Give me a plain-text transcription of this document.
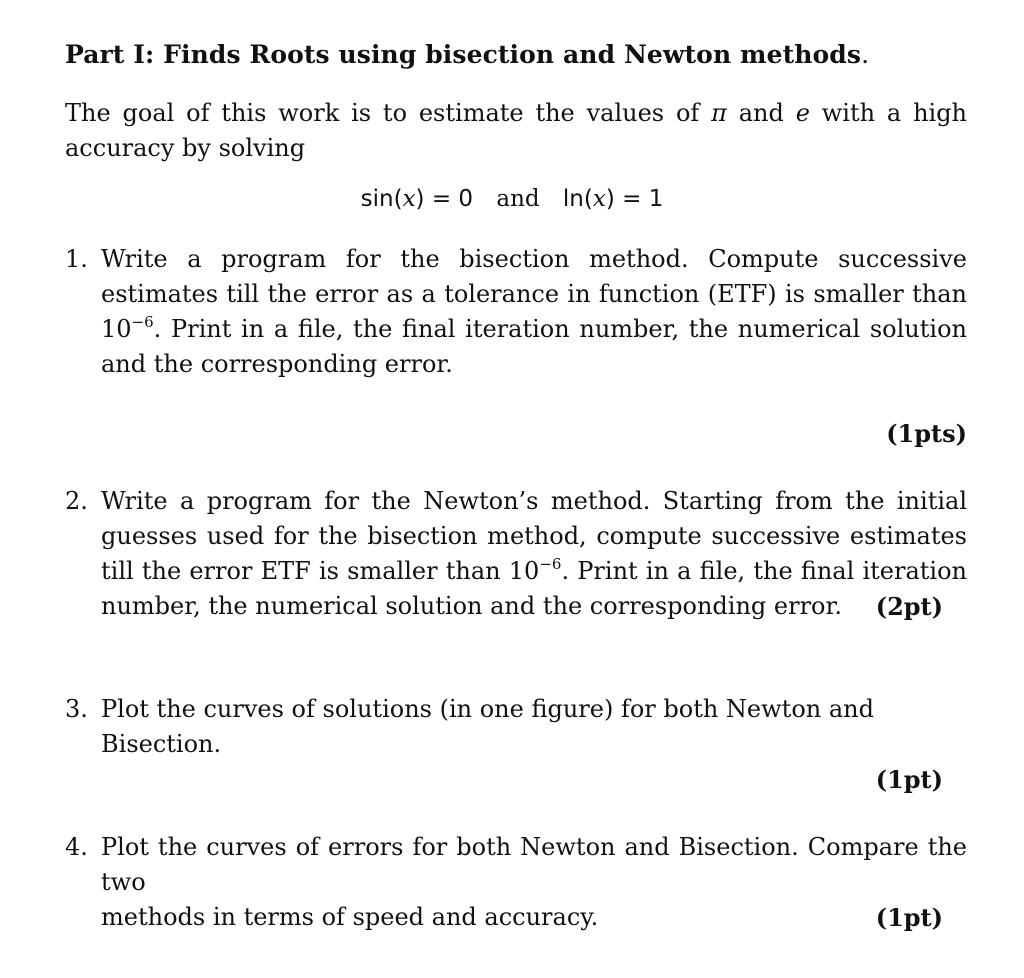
Part I: Finds Roots using bisection and Newton methods.
The goal of this work is to estimate the values of π and e with a high accuracy by solving
sin(x) = 0 and ln(x) = 1
1. Write a program for the bisection method. Compute successive estimates till the error as a tolerance in function (ETF) is smaller than $10^{-6}$. Print in a file, the final iteration number, the numerical solution and the corresponding error.
(1pts)
2. Write a program for the Newton’s method. Starting from the initial guesses used for the bisection method, compute successive estimates till the error ETF is smaller than $10^{-6}$. Print in a file, the final iteration
number, the numerical solution and the corresponding error. (2pt)
3. Plot the curves of solutions (in one figure) for both Newton and Bisection.
(1pt)
4. Plot the curves of errors for both Newton and Bisection. Compare the two
methods in terms of speed and accuracy.	(1pt)
